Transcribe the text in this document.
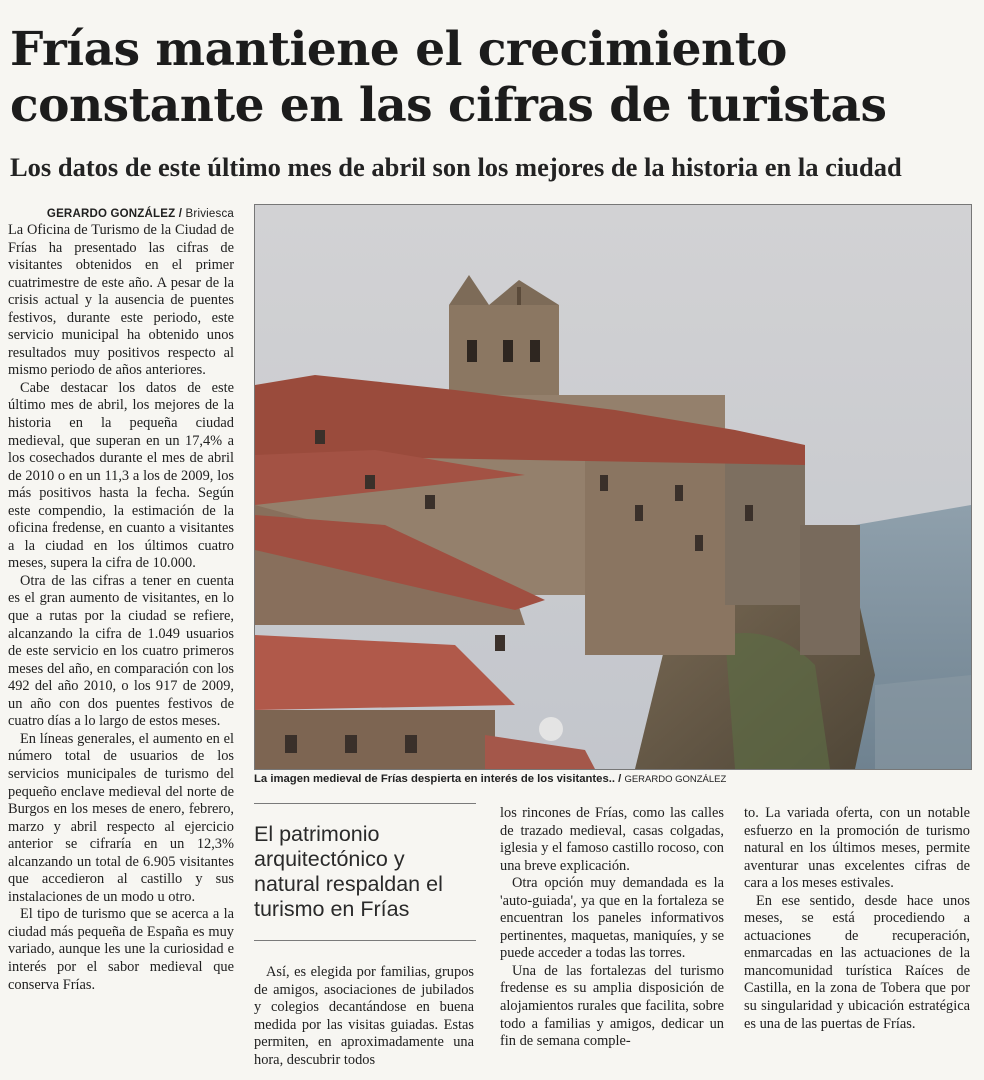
Frías mantiene el crecimiento constante en las cifras de turistas
Los datos de este último mes de abril son los mejores de la historia en la ciudad
GERARDO GONZÁLEZ / Briviesca

La Oficina de Turismo de la Ciudad de Frías ha presentado las cifras de visitantes obtenidos en el primer cuatrimestre de este año. A pesar de la crisis actual y la ausencia de puentes festivos, durante este periodo, este servicio municipal ha obtenido unos resultados muy positivos respecto al mismo periodo de años anteriores.

Cabe destacar los datos de este último mes de abril, los mejores de la historia en la pequeña ciudad medieval, que superan en un 17,4% a los cosechados durante el mes de abril de 2010 o en un 11,3 a los de 2009, los más positivos hasta la fecha. Según este compendio, la estimación de la oficina fredense, en cuanto a visitantes a la ciudad en los últimos cuatro meses, supera la cifra de 10.000.

Otra de las cifras a tener en cuenta es el gran aumento de visitantes, en lo que a rutas por la ciudad se refiere, alcanzando la cifra de 1.049 usuarios de este servicio en los cuatro primeros meses del año, en comparación con los 492 del año 2010, o los 917 de 2009, un año con dos puentes festivos de cuatro días a lo largo de estos meses.

En líneas generales, el aumento en el número total de usuarios de los servicios municipales de turismo del pequeño enclave medieval del norte de Burgos en los meses de enero, febrero, marzo y abril respecto al ejercicio anterior se cifraría en un 12,3% alcanzando un total de 6.905 visitantes que accedieron al castillo y sus instalaciones de un modo u otro.

El tipo de turismo que se acerca a la ciudad más pequeña de España es muy variado, aunque les une la curiosidad e interés por el sabor medieval que conserva Frías.

La imagen medieval de Frías despierta en interés de los visitantes.. / GERARDO GONZÁLEZ

El patrimonio arquitectónico y natural respaldan el turismo en Frías

Así, es elegida por familias, grupos de amigos, asociaciones de jubilados y colegios decantándose en buena medida por las visitas guiadas. Estas permiten, en aproximadamente una hora, descubrir todos

los rincones de Frías, como las calles de trazado medieval, casas colgadas, iglesia y el famoso castillo rocoso, con una breve explicación.

Otra opción muy demandada es la 'auto-guiada', ya que en la fortaleza se encuentran los paneles informativos pertinentes, maquetas, maniquíes, y se puede acceder a todas las torres.

Una de las fortalezas del turismo fredense es su amplia disposición de alojamientos rurales que facilita, sobre todo a familias y amigos, dedicar un fin de semana comple-

to. La variada oferta, con un notable esfuerzo en la promoción de turismo natural en los últimos meses, permite aventurar unas excelentes cifras de cara a los meses estivales.

En ese sentido, desde hace unos meses, se está procediendo a actuaciones de recuperación, enmarcadas en las actuaciones de la mancomunidad turística Raíces de Castilla, en la zona de Tobera que por su singularidad y ubicación estratégica es una de las puertas de Frías.
